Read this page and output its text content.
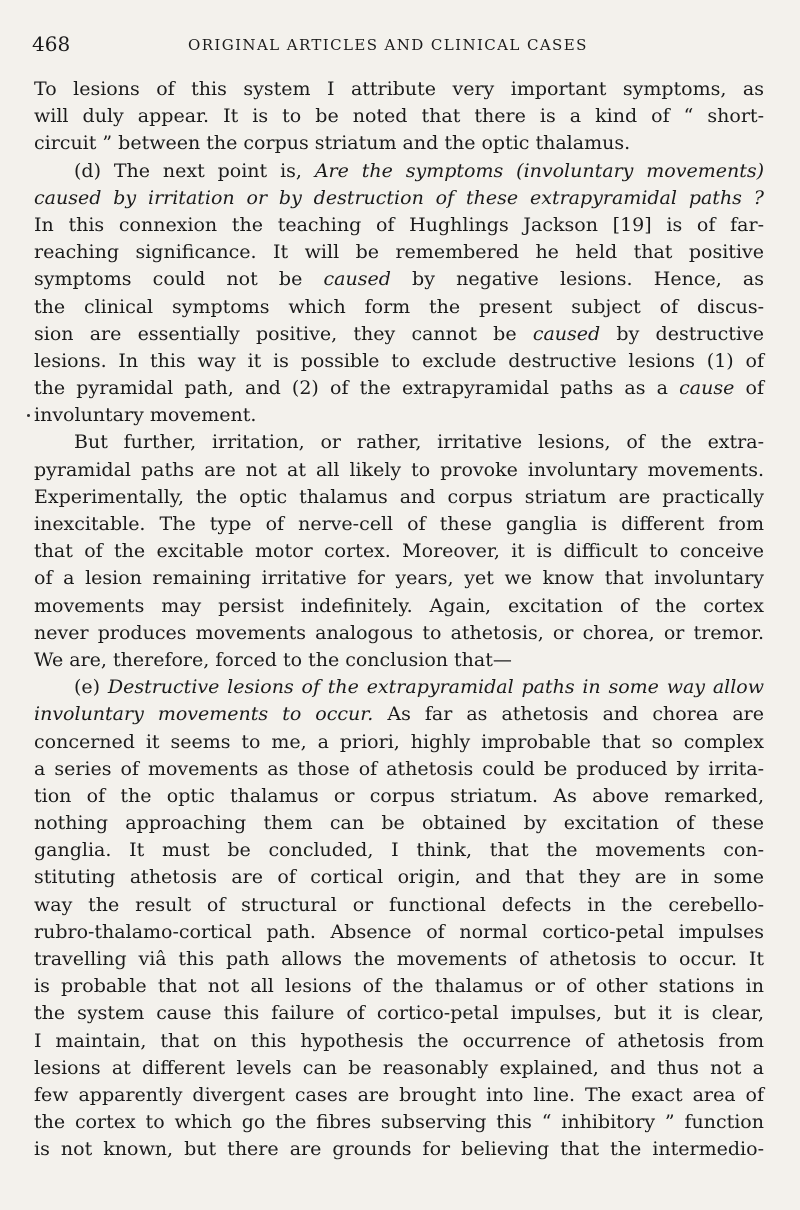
468	ORIGINAL ARTICLES AND CLINICAL CASES
To lesions of this system I attribute very important symptoms, as
will duly appear. It is to be noted that there is a kind of “ short-
circuit ” between the corpus striatum and the optic thalamus.
(d) The next point is, Are the symptoms (involuntary movements)
caused by irritation or by destruction of these extrapyramidal paths ?
In this connexion the teaching of Hughlings Jackson [19] is of far-
reaching significance. It will be remembered he held that positive
symptoms could not be caused by negative lesions. Hence, as
the clinical symptoms which form the present subject of discus-
sion are essentially positive, they cannot be caused by destructive
lesions. In this way it is possible to exclude destructive lesions (1) of
the pyramidal path, and (2) of the extrapyramidal paths as a cause of
involuntary movement.
But further, irritation, or rather, irritative lesions, of the extra-
pyramidal paths are not at all likely to provoke involuntary movements.
Experimentally, the optic thalamus and corpus striatum are practically
inexcitable. The type of nerve-cell of these ganglia is different from
that of the excitable motor cortex. Moreover, it is difficult to conceive
of a lesion remaining irritative for years, yet we know that involuntary
movements may persist indefinitely. Again, excitation of the cortex
never produces movements analogous to athetosis, or chorea, or tremor.
We are, therefore, forced to the conclusion that—
(e) Destructive lesions of the extrapyramidal paths in some way allow
involuntary movements to occur. As far as athetosis and chorea are
concerned it seems to me, a priori, highly improbable that so complex
a series of movements as those of athetosis could be produced by irrita-
tion of the optic thalamus or corpus striatum. As above remarked,
nothing approaching them can be obtained by excitation of these
ganglia. It must be concluded, I think, that the movements con-
stituting athetosis are of cortical origin, and that they are in some
way the result of structural or functional defects in the cerebello-
rubro-thalamo-cortical path. Absence of normal cortico-petal impulses
travelling viâ this path allows the movements of athetosis to occur. It
is probable that not all lesions of the thalamus or of other stations in
the system cause this failure of cortico-petal impulses, but it is clear,
I maintain, that on this hypothesis the occurrence of athetosis from
lesions at different levels can be reasonably explained, and thus not a
few apparently divergent cases are brought into line. The exact area of
the cortex to which go the fibres subserving this “ inhibitory ” function
is not known, but there are grounds for believing that the intermedio-
